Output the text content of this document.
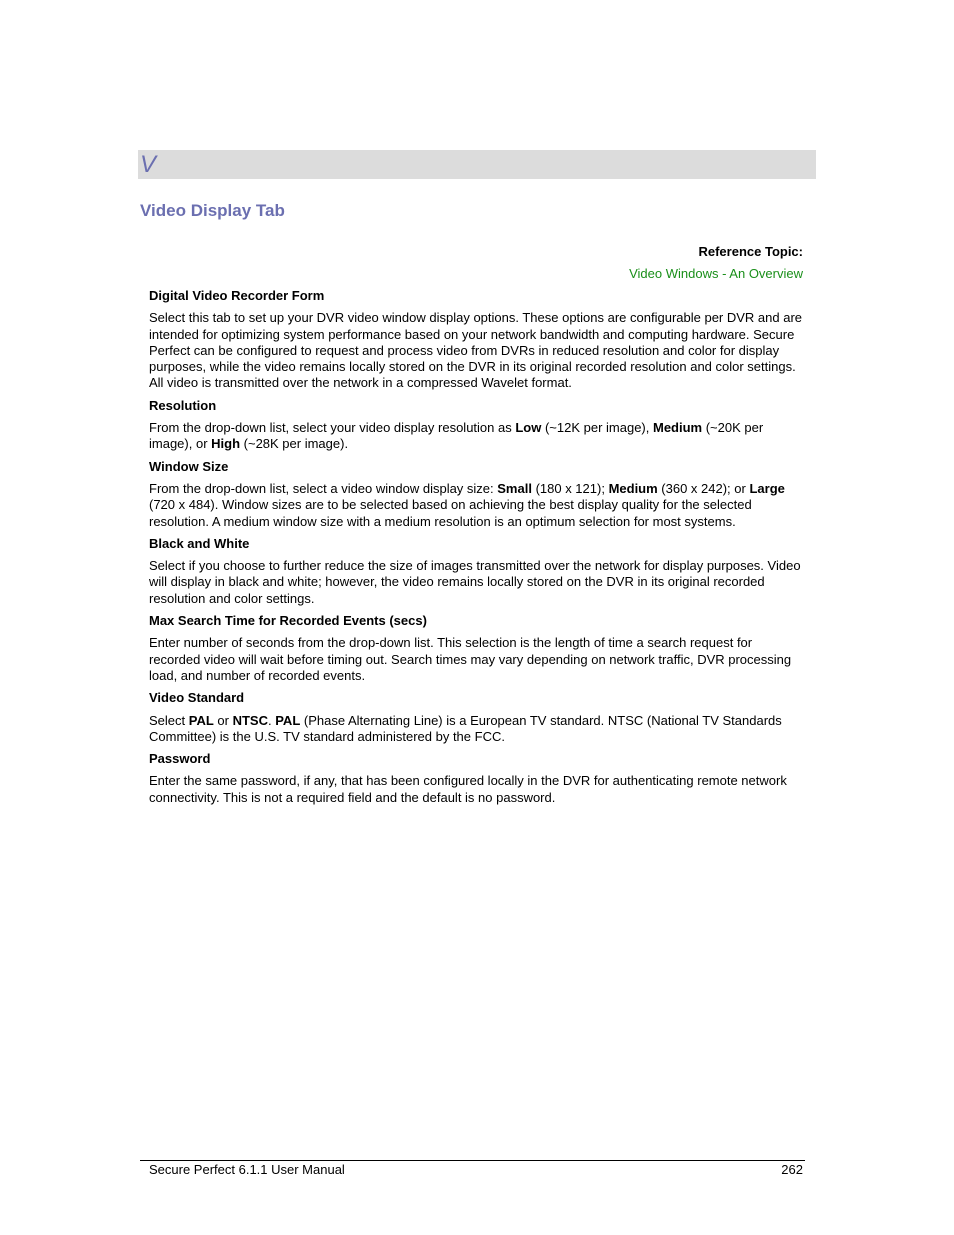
V
Video Display Tab
Reference Topic:
Video Windows - An Overview
Digital Video Recorder Form

Select this tab to set up your DVR video window display options. These options are configurable per DVR and are intended for optimizing system performance based on your network bandwidth and computing hardware. Secure Perfect can be configured to request and process video from DVRs in reduced resolution and color for display purposes, while the video remains locally stored on the DVR in its original recorded resolution and color settings. All video is transmitted over the network in a compressed Wavelet format.

Resolution

From the drop-down list, select your video display resolution as Low (~12K per image), Medium (~20K per image), or High (~28K per image).

Window Size

From the drop-down list, select a video window display size: Small (180 x 121); Medium (360 x 242); or Large (720 x 484). Window sizes are to be selected based on achieving the best display quality for the selected resolution. A medium window size with a medium resolution is an optimum selection for most systems.

Black and White

Select if you choose to further reduce the size of images transmitted over the network for display purposes. Video will display in black and white; however, the video remains locally stored on the DVR in its original recorded resolution and color settings.

Max Search Time for Recorded Events (secs)

Enter number of seconds from the drop-down list. This selection is the length of time a search request for recorded video will wait before timing out. Search times may vary depending on network traffic, DVR processing load, and number of recorded events.

Video Standard

Select PAL or NTSC. PAL (Phase Alternating Line) is a European TV standard. NTSC (National TV Standards Committee) is the U.S. TV standard administered by the FCC.

Password

Enter the same password, if any, that has been configured locally in the DVR for authenticating remote network connectivity. This is not a required field and the default is no password.

Secure Perfect 6.1.1 User Manual	262
